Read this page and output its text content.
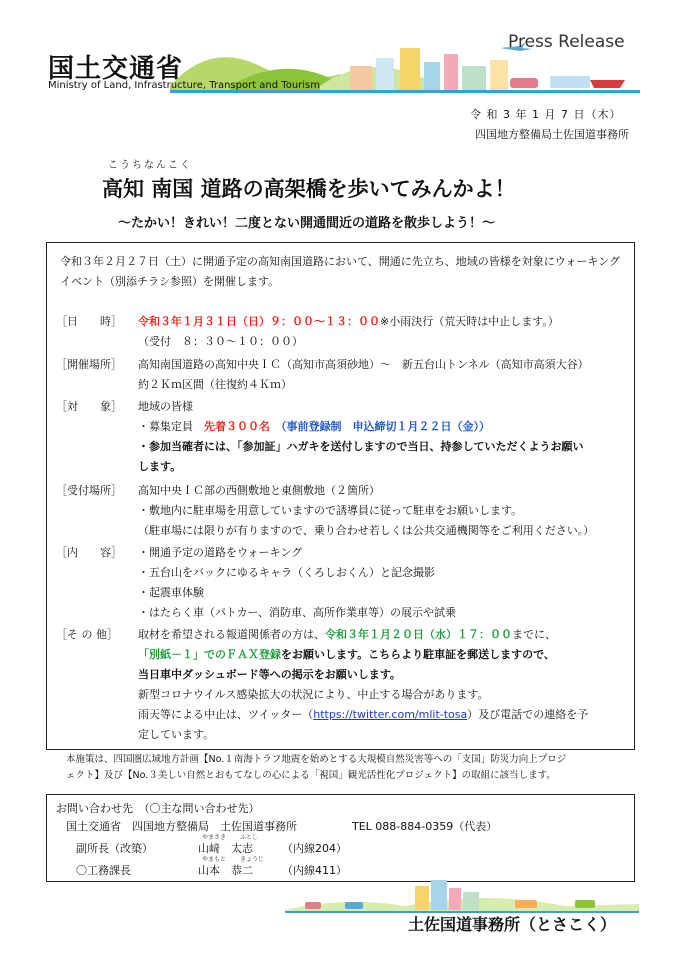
国土交通省
Ministry of Land, Infrastructure, Transport and Tourism
Press Release
令 和 3 年 1 月 7 日（木）
四国地方整備局土佐国道事務所
こうちなんこく
高知 南国 道路の高架橋を歩いてみんかよ！
～たかい！きれい！二度とない開通間近の道路を散歩しよう！～
令和３年２月２７日（土）に開通予定の高知南国道路において、開通に先立ち、地域の皆様を対象にウォーキングイベント（別添チラシ参照）を開催します。
［日　　時］ 令和３年１月３１日（日）９：００～１３：００※小雨決行（荒天時は中止します。）
（受付　８：３０～１０：００）
［開催場所］ 高知南国道路の高知中央ＩＣ（高知市高須砂地）～　新五台山トンネル（高知市高須大谷）
約２Ｋｍ区間（往復約４Ｋｍ）
［対　　象］ 地域の皆様
・募集定員　先着３００名　 （事前登録制　申込締切１月２２日（金））
・参加当確者には、「参加証」ハガキを送付しますので当日、持参していただくようお願い
します。
［受付場所］ 高知中央ＩＣ部の西側敷地と東側敷地（２箇所）
・敷地内に駐車場を用意していますので誘導員に従って駐車をお願いします。
（駐車場には限りが有りますので、乗り合わせ若しくは公共交通機関等をご利用ください。）
［内　　容］ ・開通予定の道路をウォーキング
・五台山をバックにゆるキャラ（くろしおくん）と記念撮影
・起震車体験
・はたらく車（パトカー、消防車、高所作業車等）の展示や試乗
［そ の 他］ 取材を希望される報道関係者の方は、令和３年１月２０日（水）１７：００までに、
「別紙－１」でのＦＡＸ登録をお願いします。こちらより駐車証を郵送しますので、
当日車中ダッシュボード等への掲示をお願いします。
新型コロナウイルス感染拡大の状況により、中止する場合があります。
雨天等による中止は、ツイッター（https://twitter.com/mlit-tosa）及び電話での連絡を予
定しています。
本施策は、四国圏広域地方計画【No.１南海トラフ地震を始めとする大規模自然災害等への「支国」防災力向上プロジ
ェクト】及び【No.３美しい自然とおもてなしの心による「視国」観光活性化プロジェクト】の取組に該当します。
お問い合わせ先　（〇主な問い合わせ先）
国土交通省　四国地方整備局　土佐国道事務所	TEL 088-884-0359（代表）
副所長（改築）
やまさき ふとし
山﨑　太志	（内線204）
〇工務課長
やまもと きょうじ
山本　恭二	（内線411）
土佐国道事務所（とさこく）
